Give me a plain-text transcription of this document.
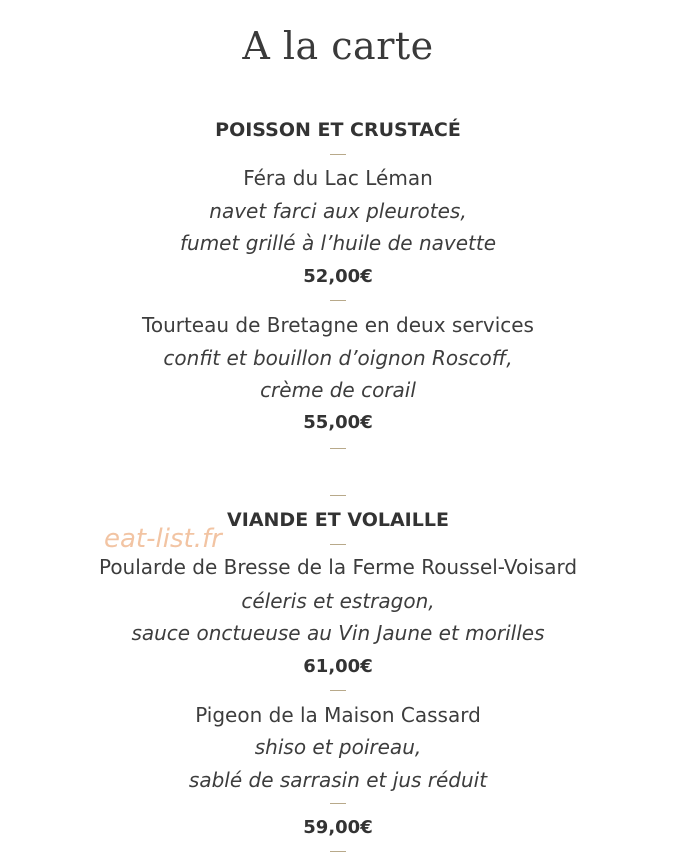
A la carte
POISSON ET CRUSTACÉ
Féra du Lac Léman
navet farci aux pleurotes,
fumet grillé à l’huile de navette
52,00€
Tourteau de Bretagne en deux services
confit et bouillon d’oignon Roscoff,
crème de corail
55,00€
VIANDE ET VOLAILLE
Poularde de Bresse de la Ferme Roussel-Voisard
céleris et estragon,
sauce onctueuse au Vin Jaune et morilles
61,00€
Pigeon de la Maison Cassard
shiso et poireau,
sablé de sarrasin et jus réduit
59,00€
eat-list.fr
